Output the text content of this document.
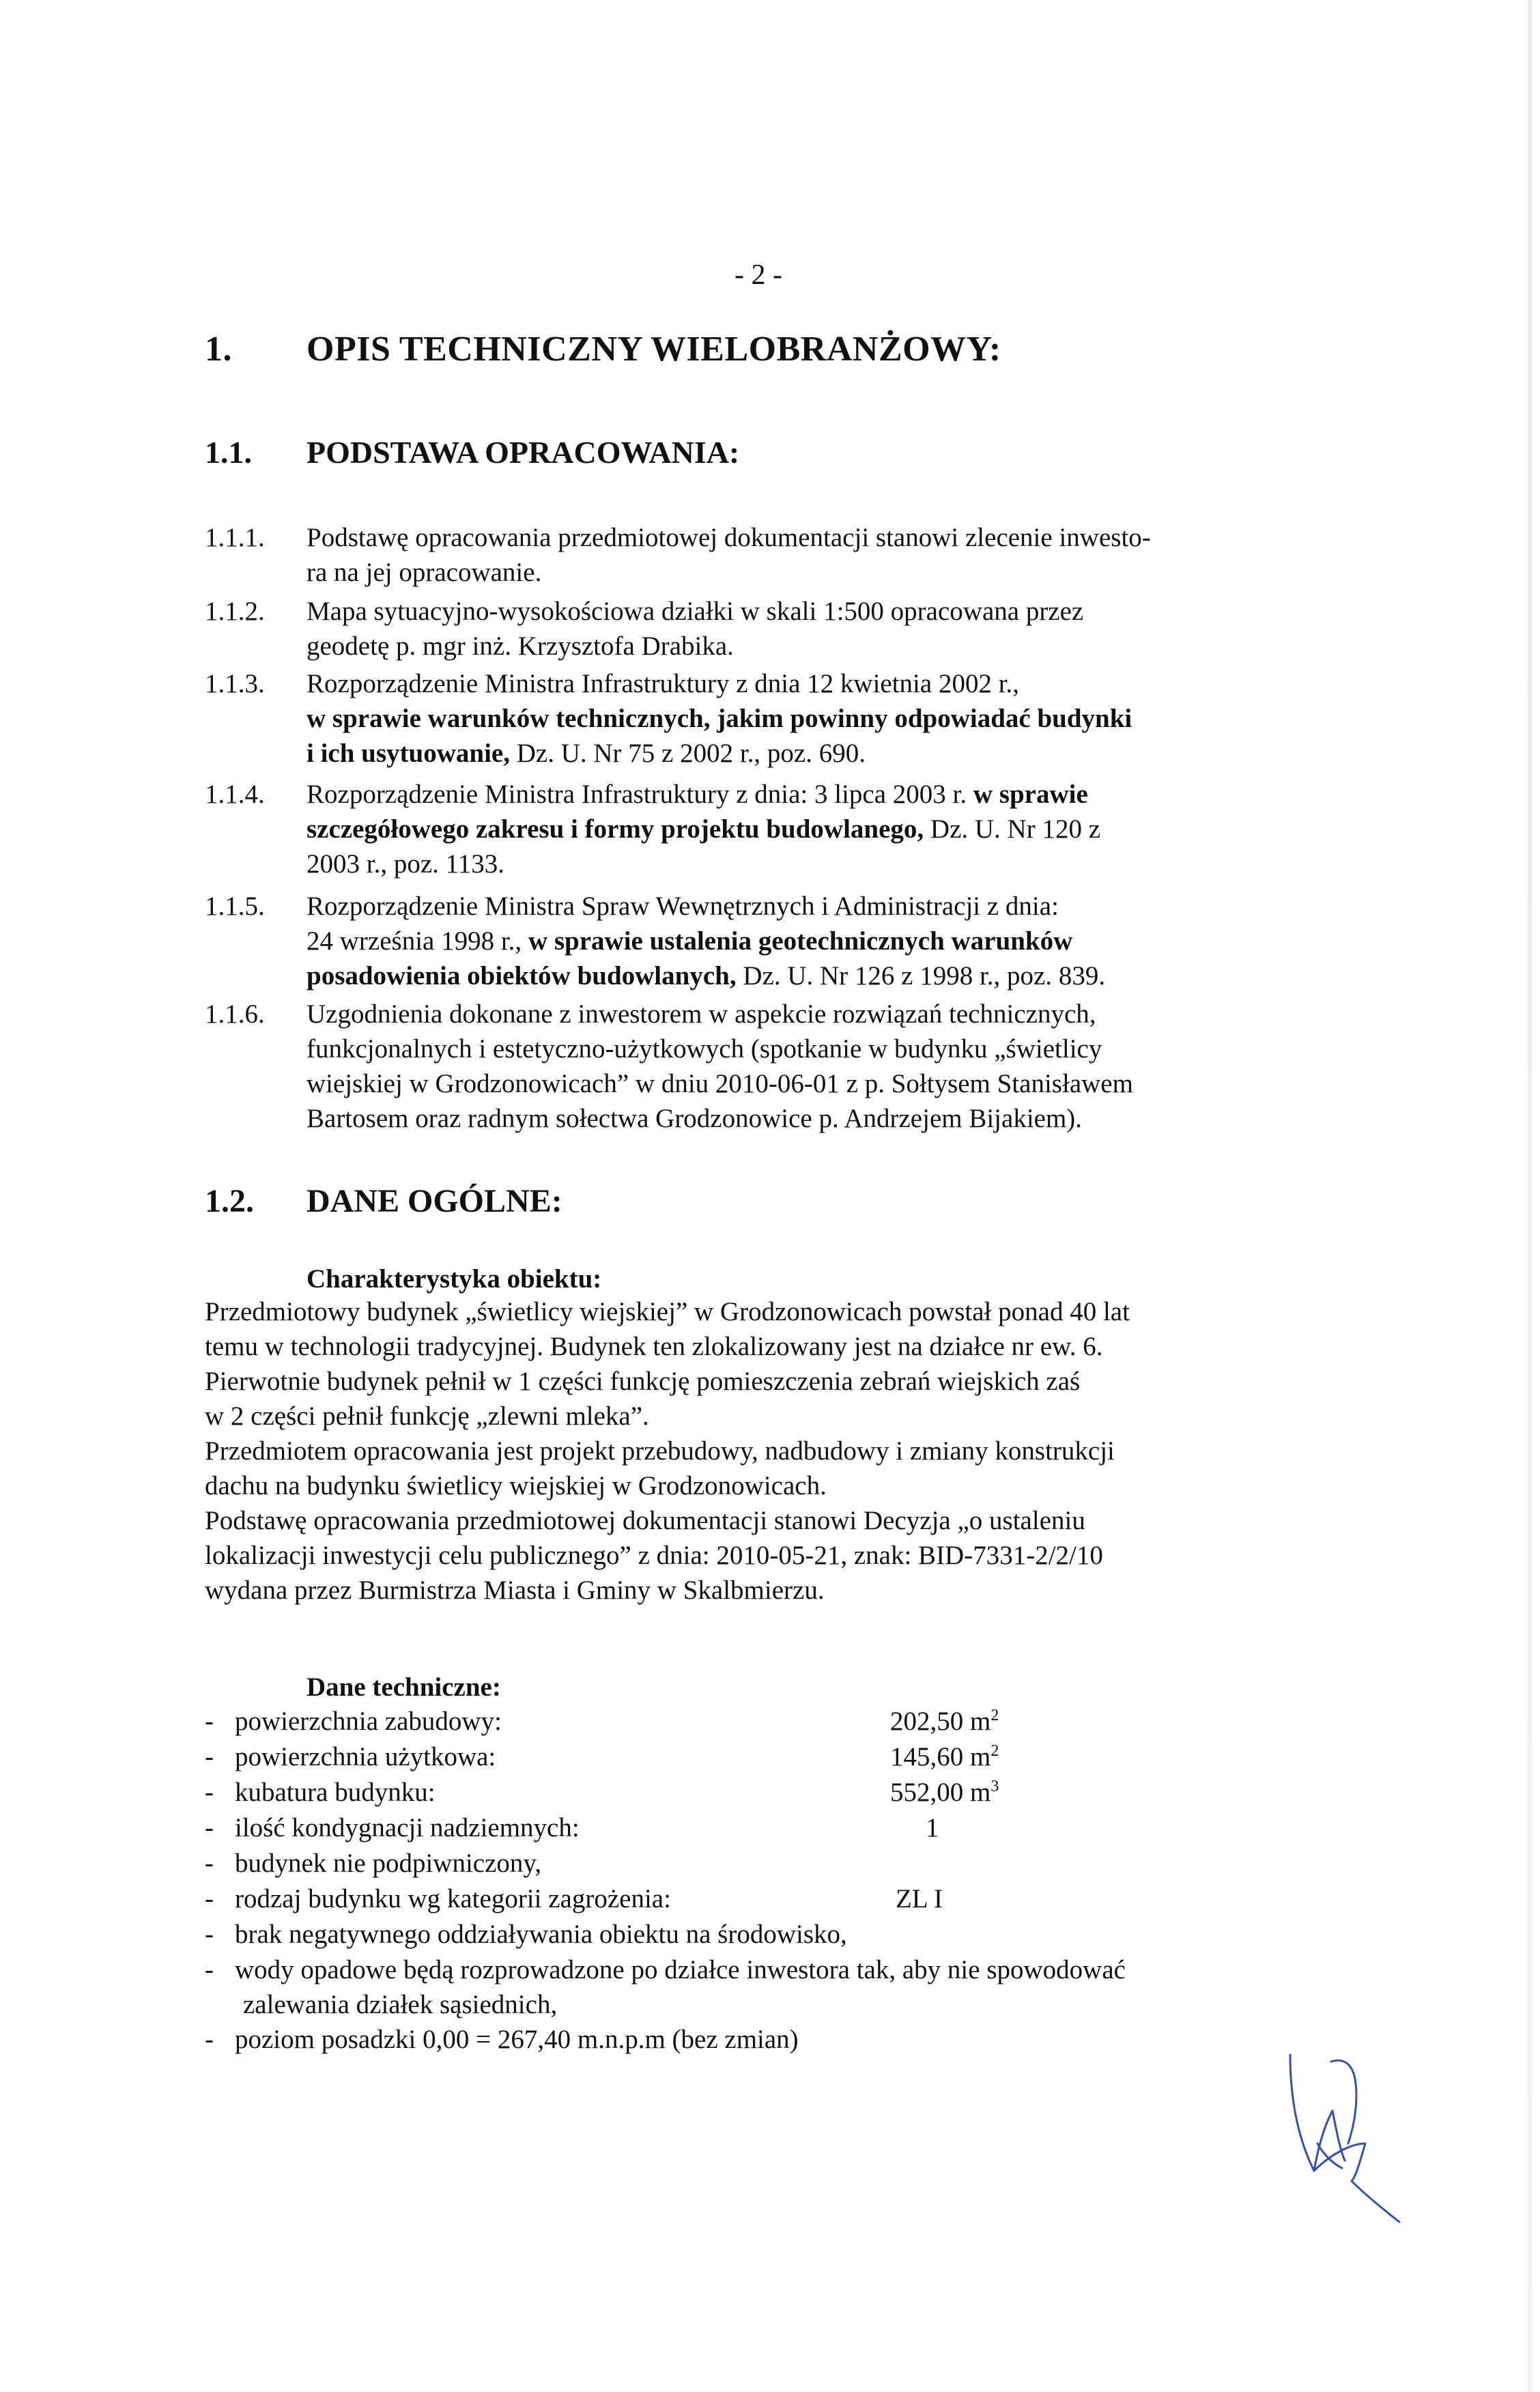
- 2 -
1. OPIS TECHNICZNY WIELOBRANŻOWY:
1.1. PODSTAWA OPRACOWANIA:
1.1.1. Podstawę opracowania przedmiotowej dokumentacji stanowi zlecenie inwesto-
ra na jej opracowanie.
1.1.2. Mapa sytuacyjno-wysokościowa działki w skali 1:500 opracowana przez
geodetę p. mgr inż. Krzysztofa Drabika.
1.1.3. Rozporządzenie Ministra Infrastruktury z dnia 12 kwietnia 2002 r.,
w sprawie warunków technicznych, jakim powinny odpowiadać budynki
i ich usytuowanie, Dz. U. Nr 75 z 2002 r., poz. 690.
1.1.4. Rozporządzenie Ministra Infrastruktury z dnia: 3 lipca 2003 r. w sprawie
szczegółowego zakresu i formy projektu budowlanego, Dz. U. Nr 120 z
2003 r., poz. 1133.
1.1.5. Rozporządzenie Ministra Spraw Wewnętrznych i Administracji z dnia:
24 września 1998 r., w sprawie ustalenia geotechnicznych warunków
posadowienia obiektów budowlanych, Dz. U. Nr 126 z 1998 r., poz. 839.
1.1.6. Uzgodnienia dokonane z inwestorem w aspekcie rozwiązań technicznych,
funkcjonalnych i estetyczno-użytkowych (spotkanie w budynku „świetlicy
wiejskiej w Grodzonowicach” w dniu 2010-06-01 z p. Sołtysem Stanisławem
Bartosem oraz radnym sołectwa Grodzonowice p. Andrzejem Bijakiem).
1.2. DANE OGÓLNE:
Charakterystyka obiektu:
Przedmiotowy budynek „świetlicy wiejskiej” w Grodzonowicach powstał ponad 40 lat
temu w technologii tradycyjnej. Budynek ten zlokalizowany jest na działce nr ew. 6.
Pierwotnie budynek pełnił w 1 części funkcję pomieszczenia zebrań wiejskich zaś
w 2 części pełnił funkcję „zlewni mleka”.
Przedmiotem opracowania jest projekt przebudowy, nadbudowy i zmiany konstrukcji
dachu na budynku świetlicy wiejskiej w Grodzonowicach.
Podstawę opracowania przedmiotowej dokumentacji stanowi Decyzja „o ustaleniu
lokalizacji inwestycji celu publicznego” z dnia: 2010-05-21, znak: BID-7331-2/2/10
wydana przez Burmistrza Miasta i Gminy w Skalbmierzu.
Dane techniczne:
- powierzchnia zabudowy:	202,50 $m^2$
- powierzchnia użytkowa:	145,60 $m^2$
- kubatura budynku:	552,00 $m^3$
- ilość kondygnacji nadziemnych:	1
- budynek nie podpiwniczony,
- rodzaj budynku wg kategorii zagrożenia:	ZL I
- brak negatywnego oddziaływania obiektu na środowisko,
- wody opadowe będą rozprowadzone po działce inwestora tak, aby nie spowodować
zalewania działek sąsiednich,
- poziom posadzki 0,00 = 267,40 m.n.p.m (bez zmian)
